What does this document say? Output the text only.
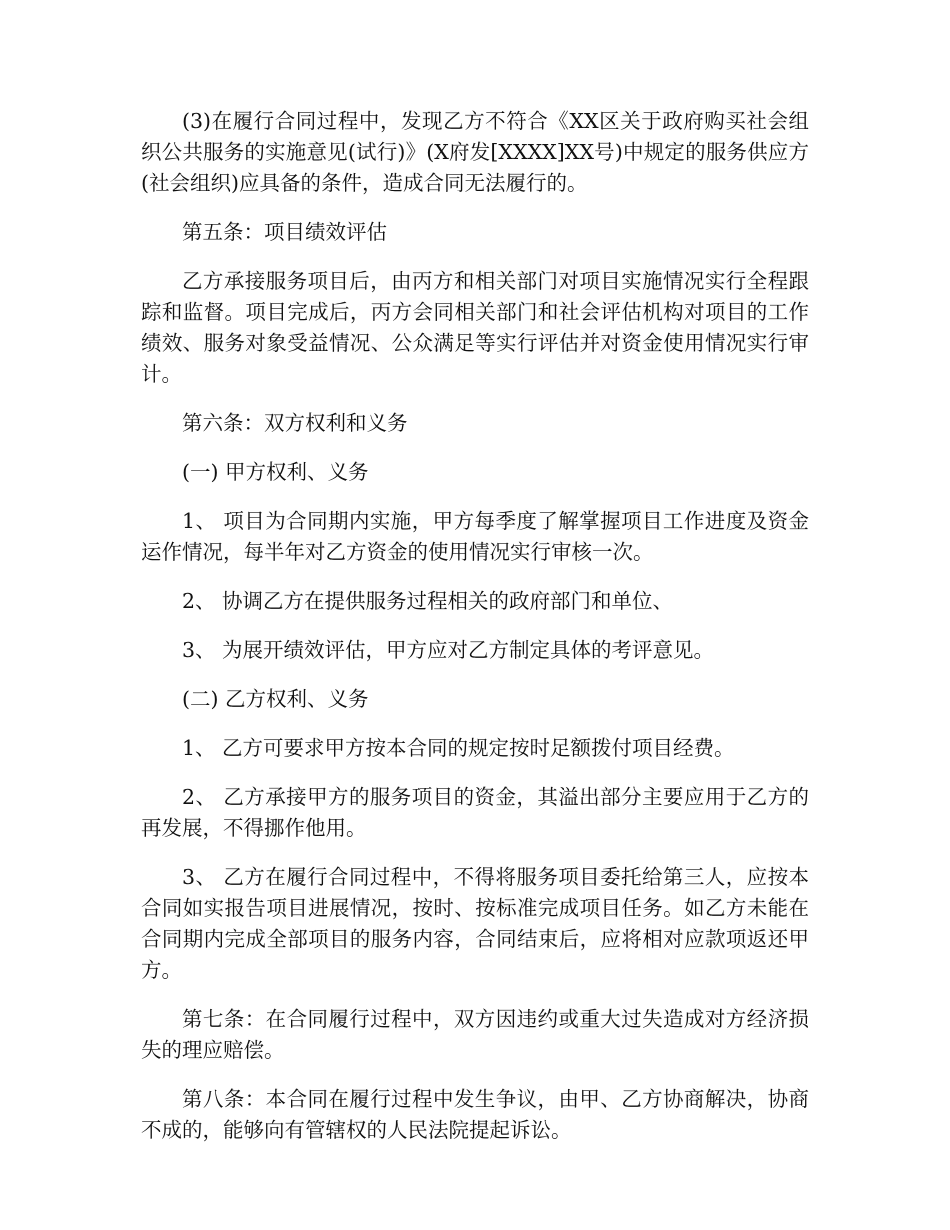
(3)在履行合同过程中，发现乙方不符合《XX区关于政府购买社会组织公共服务的实施意见(试行)》(X府发[XXXX]XX号)中规定的服务供应方(社会组织)应具备的条件，造成合同无法履行的。

第五条：项目绩效评估

乙方承接服务项目后，由丙方和相关部门对项目实施情况实行全程跟踪和监督。项目完成后，丙方会同相关部门和社会评估机构对项目的工作绩效、服务对象受益情况、公众满足等实行评估并对资金使用情况实行审计。

第六条：双方权利和义务

(一) 甲方权利、义务

1、 项目为合同期内实施，甲方每季度了解掌握项目工作进度及资金运作情况，每半年对乙方资金的使用情况实行审核一次。

2、 协调乙方在提供服务过程相关的政府部门和单位、

3、 为展开绩效评估，甲方应对乙方制定具体的考评意见。

(二) 乙方权利、义务

1、 乙方可要求甲方按本合同的规定按时足额拨付项目经费。

2、 乙方承接甲方的服务项目的资金，其溢出部分主要应用于乙方的再发展，不得挪作他用。

3、 乙方在履行合同过程中，不得将服务项目委托给第三人，应按本合同如实报告项目进展情况，按时、按标准完成项目任务。如乙方未能在合同期内完成全部项目的服务内容，合同结束后，应将相对应款项返还甲方。

第七条：在合同履行过程中，双方因违约或重大过失造成对方经济损失的理应赔偿。

第八条：本合同在履行过程中发生争议，由甲、乙方协商解决，协商不成的，能够向有管辖权的人民法院提起诉讼。
